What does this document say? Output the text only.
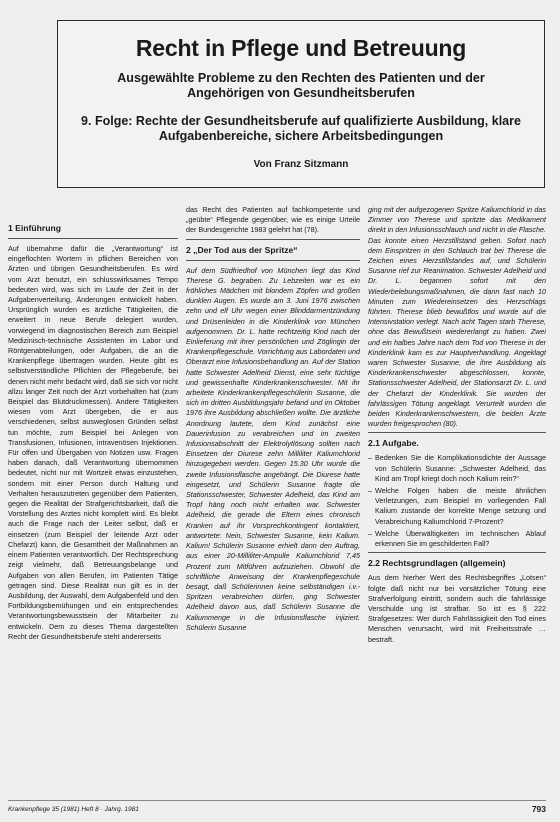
Recht in Pflege und Betreuung
Ausgewählte Probleme zu den Rechten des Patienten und der Angehörigen von Gesundheitsberufen
9. Folge: Rechte der Gesundheitsberufe auf qualifizierte Ausbildung, klare Aufgabenbereiche, sichere Arbeitsbedingungen
Von Franz Sitzmann
1 Einführung

Auf übernahme dafür die „Verantwortung“ ist eingeflochten Wortern in pflichen Bereichen von Ärzten und übrigen Gesundheitsberufen. Es wird vom Arzt benutzt, ein schlusswirksames Tempo bedeuten wird, was sich im Laufe der Zeit in der Aufgabenverteilung, Änderungen entwickelt haben. Ursprünglich wurden es ärztliche Tätigkeiten, die erweitert in neue Berufe delegiert wurden, vorwiegend im diagnostischen Bereich zum Beispiel Medizinisch-technische Assistenten im Labor und Röntgenabteilungen, oder Aufgaben, die an die Krankenpflege übertragen wurden. Heute gibt es selbstverständliche Pflichten der Pflegeberufe, bei denen nicht mehr bedacht wird, daß sie sich vor nicht allzu langer Zeit noch der Arzt vorbehalten hat (zum Beispiel das Blutdruckmessen). Andere Tätigkeiten wiesen vom Arzt übergeben, die er aus verschiedenen, selbst ausweglosen Gründen selbst tun möchte, zum Beispiel bei Anlegen von Transfusionen, Infusionen, intravenösen Injektionen. Für offen und Übergaben von Notizen usw. Fragen haben danach, daß Verantwortung übernommen bedeutet, nicht nur mit Wortzeit etwas einzustehen, sondern mit einer Person durch Haltung und Verhalten herauszutreten gegenüber dem Patienten, gegen die Realität der Strafgerichtsbarkeit, daß die Vorstellung des Arztes nicht komplett wird. Es bleibt auch die Frage nach der Leiter selbst, daß er einsetzen (zum Beispiel der leitende Arzt oder Chefarzt) kann, die Gesamtheit der Maßnahmen an einem Patienten verantwortlich. Der Rechtsprechung zeigt vielmehr, daß Betreuungsbelange und Aufgaben von allen Berufen, im Patienten Tätige getragen sind. Diese Realität nun gilt es in der Ausbildung, der Auswahl, dem Aufgabenfeld und den Fortbildungsbemühungen und ein entsprechendes Verantwortungsbewusstsein der Mitarbeiter zu entwickeln. Dem zu dieses Thema dargestellten Recht der Gesundheitsberufe steht andererseits

das Recht des Patienten auf fachkompetente und „geübte“ Pflegende gegenüber, wie es einige Urteile der Bundesgerichte 1983 gelehrt hat (78).

2 „Der Tod aus der Spritze“

Auf dem Südfriedhof von München liegt das Kind Therese G. begraben. Zu Lebzeiten war es ein fröhliches Mädchen mit blondem Zöpfen und großen dunklen Augen. Es wurde am 3. Juni 1976 zwischen zehn und elf Uhr wegen einer Blinddarmentzündung und Drüsenleiden in die Kinderklinik von München aufgenommen. Dr. L. hatte rechtzeitig Kind nach der Einlieferung mit ihrer persönlichen und Zöglingin der Krankenpflegeschule. Vorrichtung aus Labordaten und Oberarzt eine Infusionsbehandlung an. Auf der Station hatte Schwester Adelheid Dienst, eine sehr tüchtige und gewissenhafte Kinderkrankenschwester. Mit ihr arbeitete Kinderkrankenpflegeschülerin Susanne, die sich im dritten Ausbildungsjahr befand und im Oktober 1976 ihre Ausbildung abschließen wollte. Die ärztliche Anordnung lautete, dem Kind zunächst eine Dauerinfusion zu verabreichen und im zweiten Infusionsabschnitt der Elektrolytlösung sollten nach Einsetzen der Diurese zehn Milliliter Kaliumchlorid hinzugegeben werden. Gegen 15.30 Uhr wurde die zweite Infusionsflasche angehängt. Die Diurese hatte eingesetzt, und Schülerin Susanne fragte die Stationsschwester, Schwester Adelheid, das Kind am Tropf häng noch nicht erhalten war. Schwester Adelheid, die gerade die Eltern eines chronisch Kranken auf ihr Vorsprechkontingent kontaktiert, antwortete: Nein, Schwester Susanne, kein Kalium. Kalium! Schülerin Susanne erhielt dann den Auftrag, aus einer 20-Milliliter-Ampulle Kaliumchlorid 7,45 Prozent zum Mitführen aufzuziehen. Obwohl die schriftliche Anweisung der Krankenpflegeschule besagt, daß Schülerinnen keine selbständigen i.v.-Spritzen verabreichen dürfen, ging Schwester Adelheid davon aus, daß Schülerin Susanne die Kaliummenge in die Infusionsflasche injiziert. Schülerin Susanne

ging mit der aufgezogenen Spritze Kaliumchlorid in das Zimmer von Therese und spritzte das Medikament direkt in den Infusionsschlauch und nicht in die Flasche. Das konnte einen Herzstillstand geben. Sofort nach dem Einspritzen in den Schlauch trat bei Therese die Zeichen eines Herzstillstandes auf, und Schülerin Susanne rief zur Reanimation. Schwester Adelheid und Dr. L. begannen sofort mit den Wiederbelebungsmaßnahmen, die dann fast nach 10 Minuten zum Wiedereinsetzen des Herzschlags führten. Therese blieb bewußtlos und wurde auf die Intensivstation verlegt. Nach acht Tagen starb Therese, ohne das Bewußtsein wiedererlangt zu haben. Zwei und ein halbes Jahre nach dem Tod von Therese in der Kinderklinik kam es zur Hauptverhandlung. Angeklagt waren Schwester Susanne, die ihre Ausbildung als Kinderkrankenschwester abgeschlossen, konnte, Stationsschwester Adelheid, der Stationsarzt Dr. L. und der Chefarzt der Kinderklinik. Sie wurden der fahrlässigen Tötung angeklagt. Verurteilt wurden die beiden Kinderkrankenschwestern, die beiden Ärzte wurden freigesprochen (80).

2.1 Aufgabe.
– Bedenken Sie die Komplikationsdichte der Aussage von Schülerin Susanne: „Schwester Adelheid, das Kind am Tropf kriegt doch noch Kalium rein?“
– Welche Folgen haben die meiste ähnlichen Verletzungen, zum Beispiel im vorliegenden Fall Kalium zustande der korrekte Menge setzung und Verabreichung Kaliumchlorid 7-Prozent?
– Welche Überwältigkeiten im technischen Ablauf erkennen Sie im geschilderten Fall?
2.2 Rechtsgrundlagen (allgemein)

Aus dem hierher Wert des Rechtsbegriffes „Lotsen“ folgte daß nicht nur bei vorsätzlicher Tötung eine Strafverfolgung eintritt, sondern auch die fahrlässige Verschulde ung ist strafbar. So ist es § 222 Strafgesetzes: Wer durch Fahrlässigkeit den Tod eines Menschen verursacht, wird mit Freiheitsstrafe … bestraft.

Krankenpflege 35 (1981) Heft 8 · Jahrg. 1981	793
